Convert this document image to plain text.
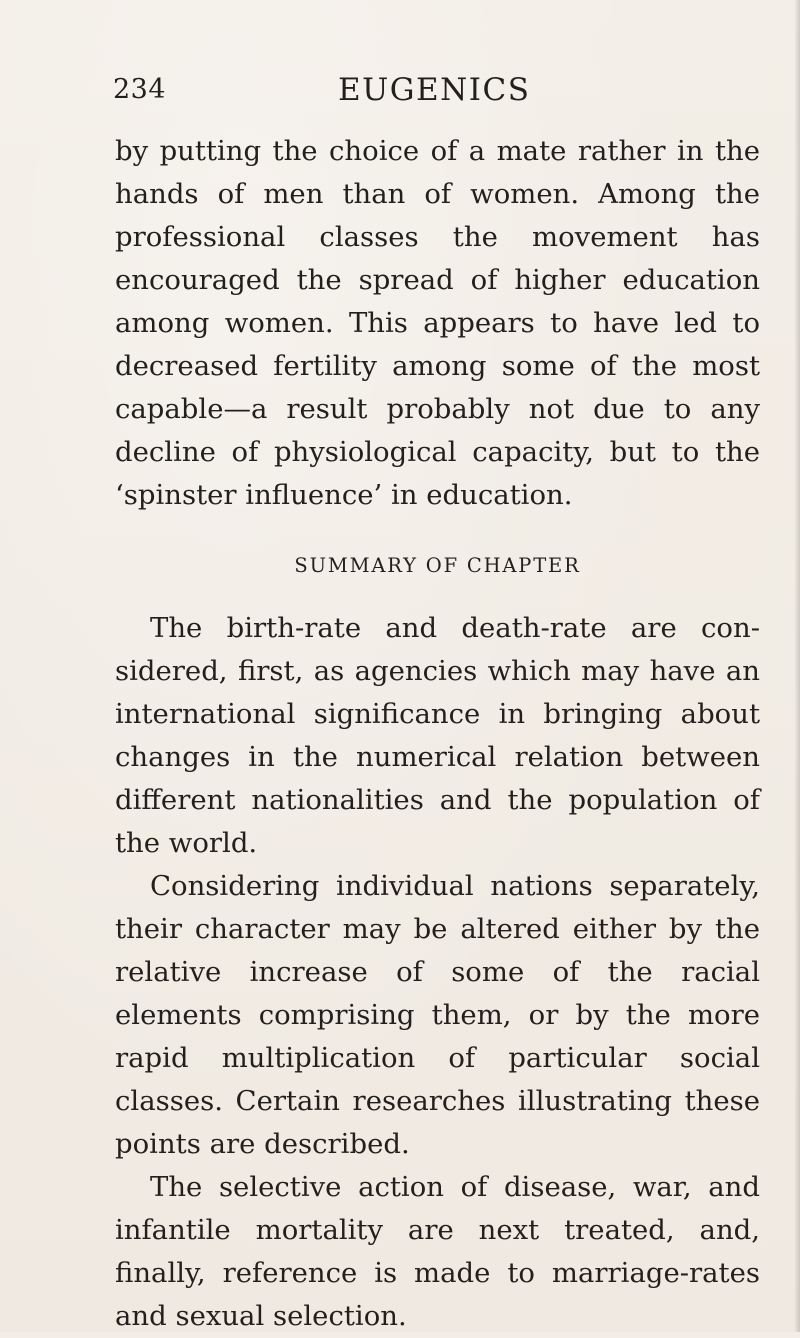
234	EUGENICS

by putting the choice of a mate rather in the hands of men than of women. Among the professional classes the movement has encouraged the spread of higher education among women. This appears to have led to decreased fertility among some of the most capable—a result probably not due to any decline of physiological capacity, but to the ‘spinster influence’ in education.

SUMMARY OF CHAPTER

The birth-rate and death-rate are considered, first, as agencies which may have an international significance in bringing about changes in the numerical relation between different nationalities and the population of the world.

Considering individual nations separately, their character may be altered either by the relative increase of some of the racial elements comprising them, or by the more rapid multiplication of particular social classes. Certain researches illustrating these points are described.

The selective action of disease, war, and infantile mortality are next treated, and, finally, reference is made to marriage-rates and sexual selection.
